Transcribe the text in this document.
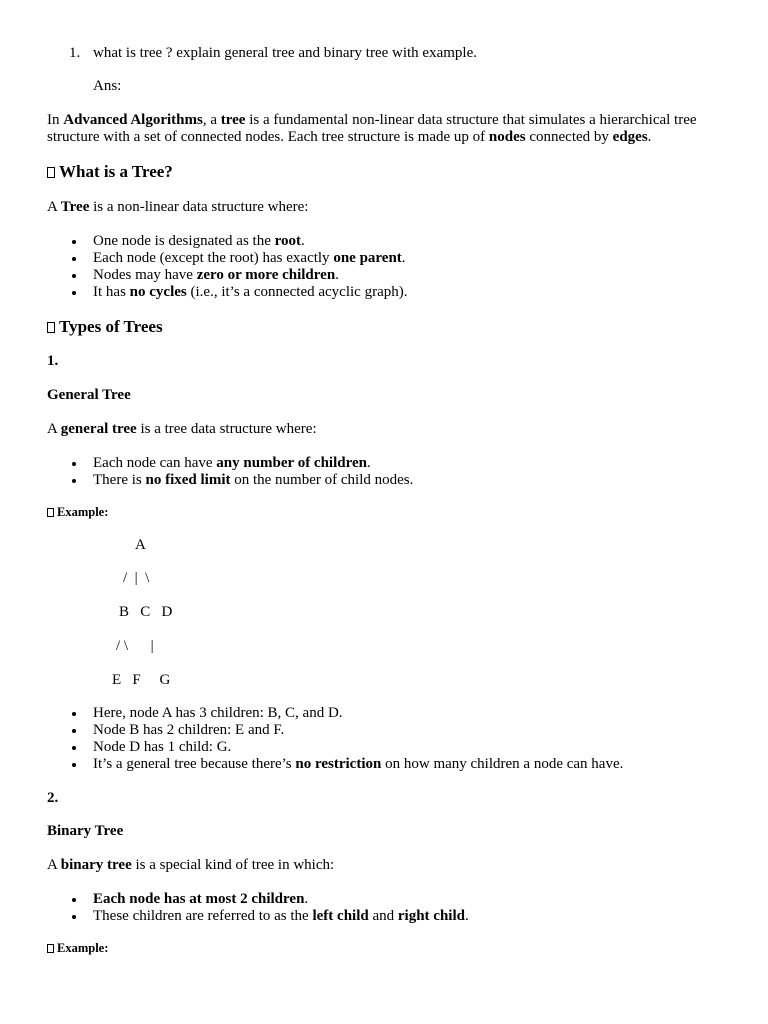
1. what is tree ? explain general tree and binary tree with example.
Ans:
In Advanced Algorithms, a tree is a fundamental non-linear data structure that simulates a hierarchical tree structure with a set of connected nodes. Each tree structure is made up of nodes connected by edges.
What is a Tree?
A Tree is a non-linear data structure where:
One node is designated as the root.
Each node (except the root) has exactly one parent.
Nodes may have zero or more children.
It has no cycles (i.e., it’s a connected acyclic graph).
Types of Trees
1.
General Tree
A general tree is a tree data structure where:
Each node can have any number of children.
There is no fixed limit on the number of child nodes.
Example:
A
/  |  \
B   C   D
/ \      |
E   F     G
Here, node A has 3 children: B, C, and D.
Node B has 2 children: E and F.
Node D has 1 child: G.
It’s a general tree because there’s no restriction on how many children a node can have.
2.
Binary Tree
A binary tree is a special kind of tree in which:
Each node has at most 2 children.
These children are referred to as the left child and right child.
Example:
